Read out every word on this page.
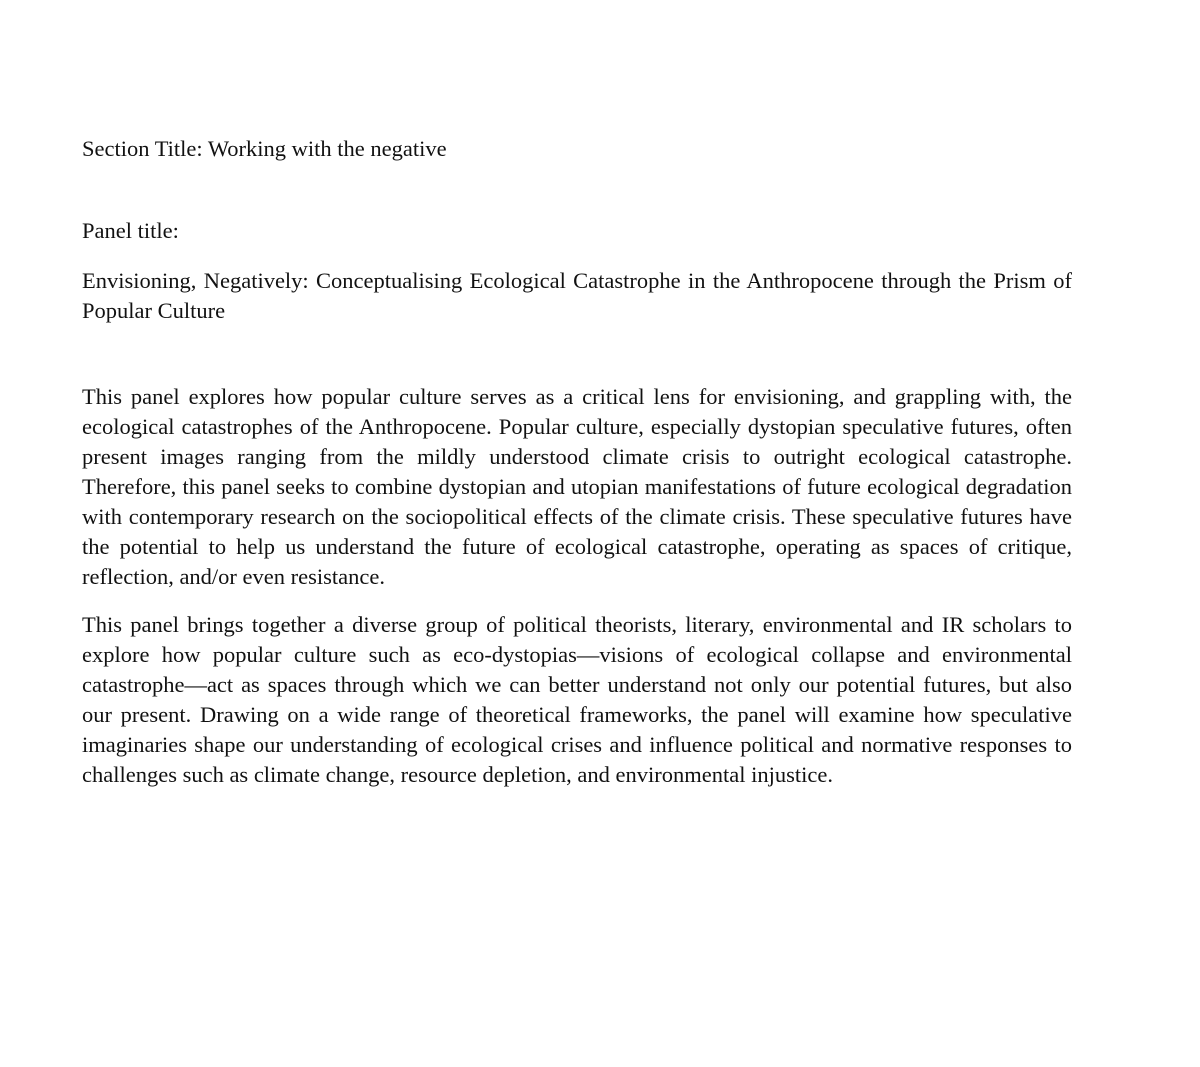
Section Title: Working with the negative

Panel title:

Envisioning, Negatively: Conceptualising Ecological Catastrophe in the Anthropocene through the Prism of Popular Culture

This panel explores how popular culture serves as a critical lens for envisioning, and grappling with, the ecological catastrophes of the Anthropocene. Popular culture, especially dystopian speculative futures, often present images ranging from the mildly understood climate crisis to outright ecological catastrophe. Therefore, this panel seeks to combine dystopian and utopian manifestations of future ecological degradation with contemporary research on the sociopolitical effects of the climate crisis. These speculative futures have the potential to help us understand the future of ecological catastrophe, operating as spaces of critique, reflection, and/or even resistance.

This panel brings together a diverse group of political theorists, literary, environmental and IR scholars to explore how popular culture such as eco-dystopias—visions of ecological collapse and environmental catastrophe—act as spaces through which we can better understand not only our potential futures, but also our present. Drawing on a wide range of theoretical frameworks, the panel will examine how speculative imaginaries shape our understanding of ecological crises and influence political and normative responses to challenges such as climate change, resource depletion, and environmental injustice.
